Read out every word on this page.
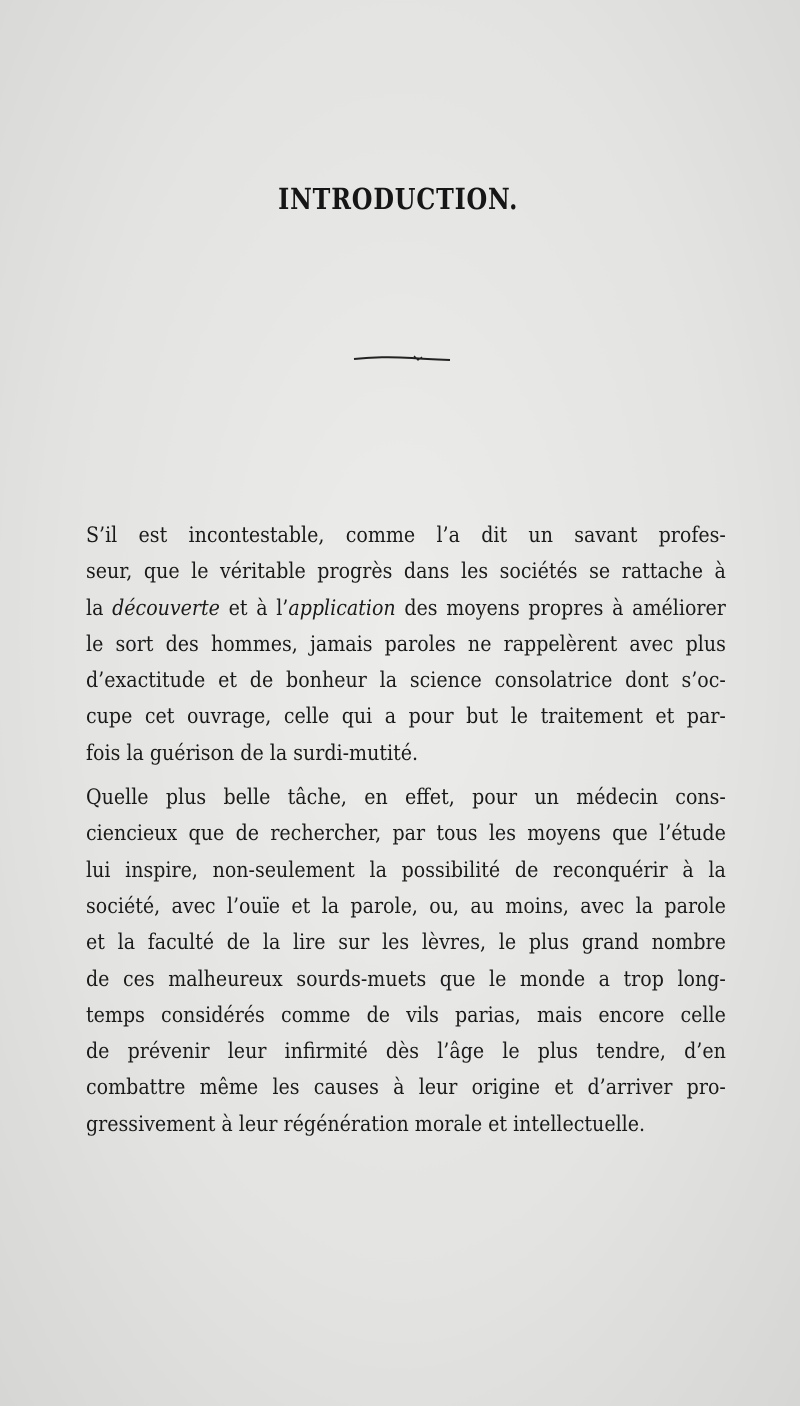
INTRODUCTION.
S’il est incontestable, comme l’a dit un savant profes-
seur, que le véritable progrès dans les sociétés se rattache à
la découverte et à l’application des moyens propres à améliorer
le sort des hommes, jamais paroles ne rappelèrent avec plus
d’exactitude et de bonheur la science consolatrice dont s’oc-
cupe cet ouvrage, celle qui a pour but le traitement et par-
fois la guérison de la surdi-mutité.
Quelle plus belle tâche, en effet, pour un médecin cons-
ciencieux que de rechercher, par tous les moyens que l’étude
lui inspire, non-seulement la possibilité de reconquérir à la
société, avec l’ouïe et la parole, ou, au moins, avec la parole
et la faculté de la lire sur les lèvres, le plus grand nombre
de ces malheureux sourds-muets que le monde a trop long-
temps considérés comme de vils parias, mais encore celle
de prévenir leur infirmité dès l’âge le plus tendre, d’en
combattre même les causes à leur origine et d’arriver pro-
gressivement à leur régénération morale et intellectuelle.
